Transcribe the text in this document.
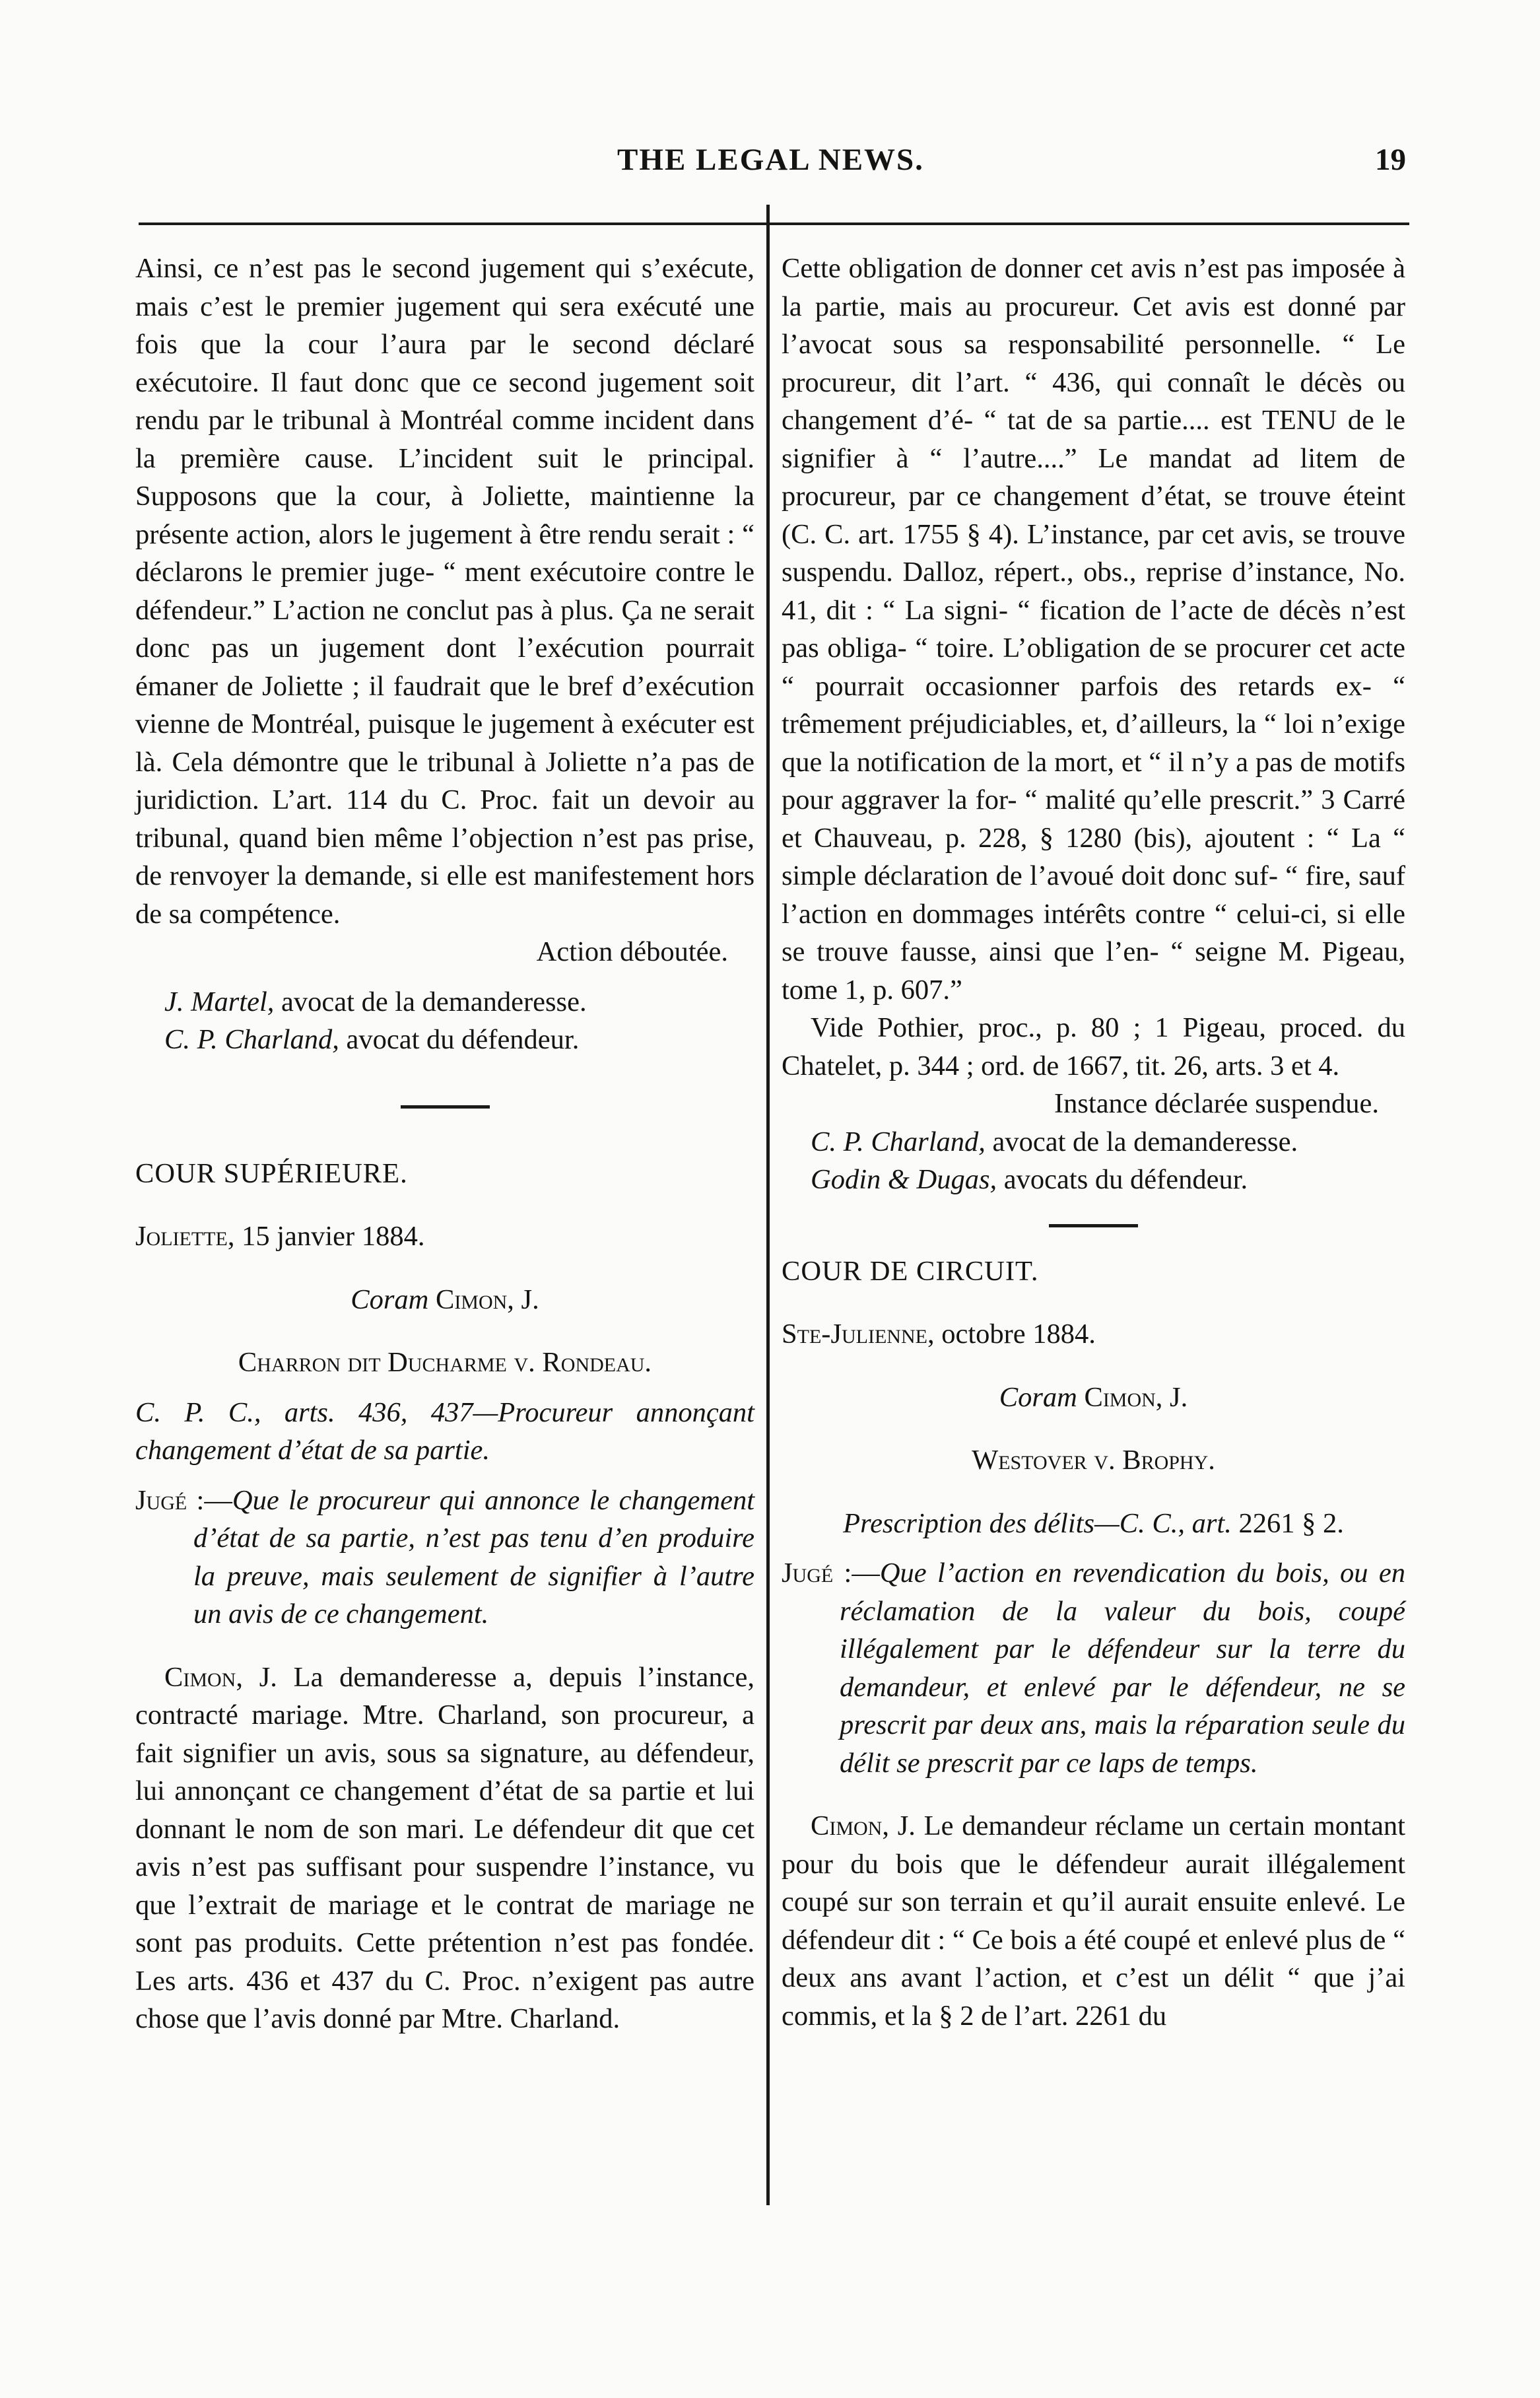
THE LEGAL NEWS.	19

Ainsi, ce n’est pas le second jugement qui s’exécute, mais c’est le premier jugement qui sera exécuté une fois que la cour l’aura par le second déclaré exécutoire. Il faut donc que ce second jugement soit rendu par le tribunal à Montréal comme incident dans la première cause. L’incident suit le principal. Supposons que la cour, à Joliette, maintienne la présente action, alors le jugement à être rendu serait : “ déclarons le premier juge- “ ment exécutoire contre le défendeur.” L’action ne conclut pas à plus. Ça ne serait donc pas un jugement dont l’exécution pourrait émaner de Joliette ; il faudrait que le bref d’exécution vienne de Montréal, puisque le jugement à exécuter est là. Cela démontre que le tribunal à Joliette n’a pas de juridiction. L’art. 114 du C. Proc. fait un devoir au tribunal, quand bien même l’objection n’est pas prise, de renvoyer la demande, si elle est manifestement hors de sa compétence.

Action déboutée.

J. Martel, avocat de la demanderesse.

C. P. Charland, avocat du défendeur.

COUR SUPÉRIEURE.

Joliette, 15 janvier 1884.

Coram Cimon, J.

Charron dit Ducharme v. Rondeau.

C. P. C., arts. 436, 437—Procureur annonçant changement d’état de sa partie.

Jugé :—Que le procureur qui annonce le changement d’état de sa partie, n’est pas tenu d’en produire la preuve, mais seulement de signifier à l’autre un avis de ce changement.

Cimon, J. La demanderesse a, depuis l’instance, contracté mariage. Mtre. Charland, son procureur, a fait signifier un avis, sous sa signature, au défendeur, lui annonçant ce changement d’état de sa partie et lui donnant le nom de son mari. Le défendeur dit que cet avis n’est pas suffisant pour suspendre l’instance, vu que l’extrait de mariage et le contrat de mariage ne sont pas produits. Cette prétention n’est pas fondée. Les arts. 436 et 437 du C. Proc. n’exigent pas autre chose que l’avis donné par Mtre. Charland.

Cette obligation de donner cet avis n’est pas imposée à la partie, mais au procureur. Cet avis est donné par l’avocat sous sa responsabilité personnelle. “ Le procureur, dit l’art. “ 436, qui connaît le décès ou changement d’é- “ tat de sa partie.... est TENU de le signifier à “ l’autre....” Le mandat ad litem de procureur, par ce changement d’état, se trouve éteint (C. C. art. 1755 § 4). L’instance, par cet avis, se trouve suspendu. Dalloz, répert., obs., reprise d’instance, No. 41, dit : “ La signi- “ fication de l’acte de décès n’est pas obliga- “ toire. L’obligation de se procurer cet acte “ pourrait occasionner parfois des retards ex- “ trêmement préjudiciables, et, d’ailleurs, la “ loi n’exige que la notification de la mort, et “ il n’y a pas de motifs pour aggraver la for- “ malité qu’elle prescrit.” 3 Carré et Chauveau, p. 228, § 1280 (bis), ajoutent : “ La “ simple déclaration de l’avoué doit donc suf- “ fire, sauf l’action en dommages intérêts contre “ celui-ci, si elle se trouve fausse, ainsi que l’en- “ seigne M. Pigeau, tome 1, p. 607.”

Vide Pothier, proc., p. 80 ; 1 Pigeau, proced. du Chatelet, p. 344 ; ord. de 1667, tit. 26, arts. 3 et 4.

Instance déclarée suspendue.

C. P. Charland, avocat de la demanderesse.

Godin & Dugas, avocats du défendeur.

COUR DE CIRCUIT.

Ste-Julienne, octobre 1884.

Coram Cimon, J.

Westover v. Brophy.

Prescription des délits—C. C., art. 2261 § 2.

Jugé :—Que l’action en revendication du bois, ou en réclamation de la valeur du bois, coupé illégalement par le défendeur sur la terre du demandeur, et enlevé par le défendeur, ne se prescrit par deux ans, mais la réparation seule du délit se prescrit par ce laps de temps.

Cimon, J. Le demandeur réclame un certain montant pour du bois que le défendeur aurait illégalement coupé sur son terrain et qu’il aurait ensuite enlevé. Le défendeur dit : “ Ce bois a été coupé et enlevé plus de “ deux ans avant l’action, et c’est un délit “ que j’ai commis, et la § 2 de l’art. 2261 du
